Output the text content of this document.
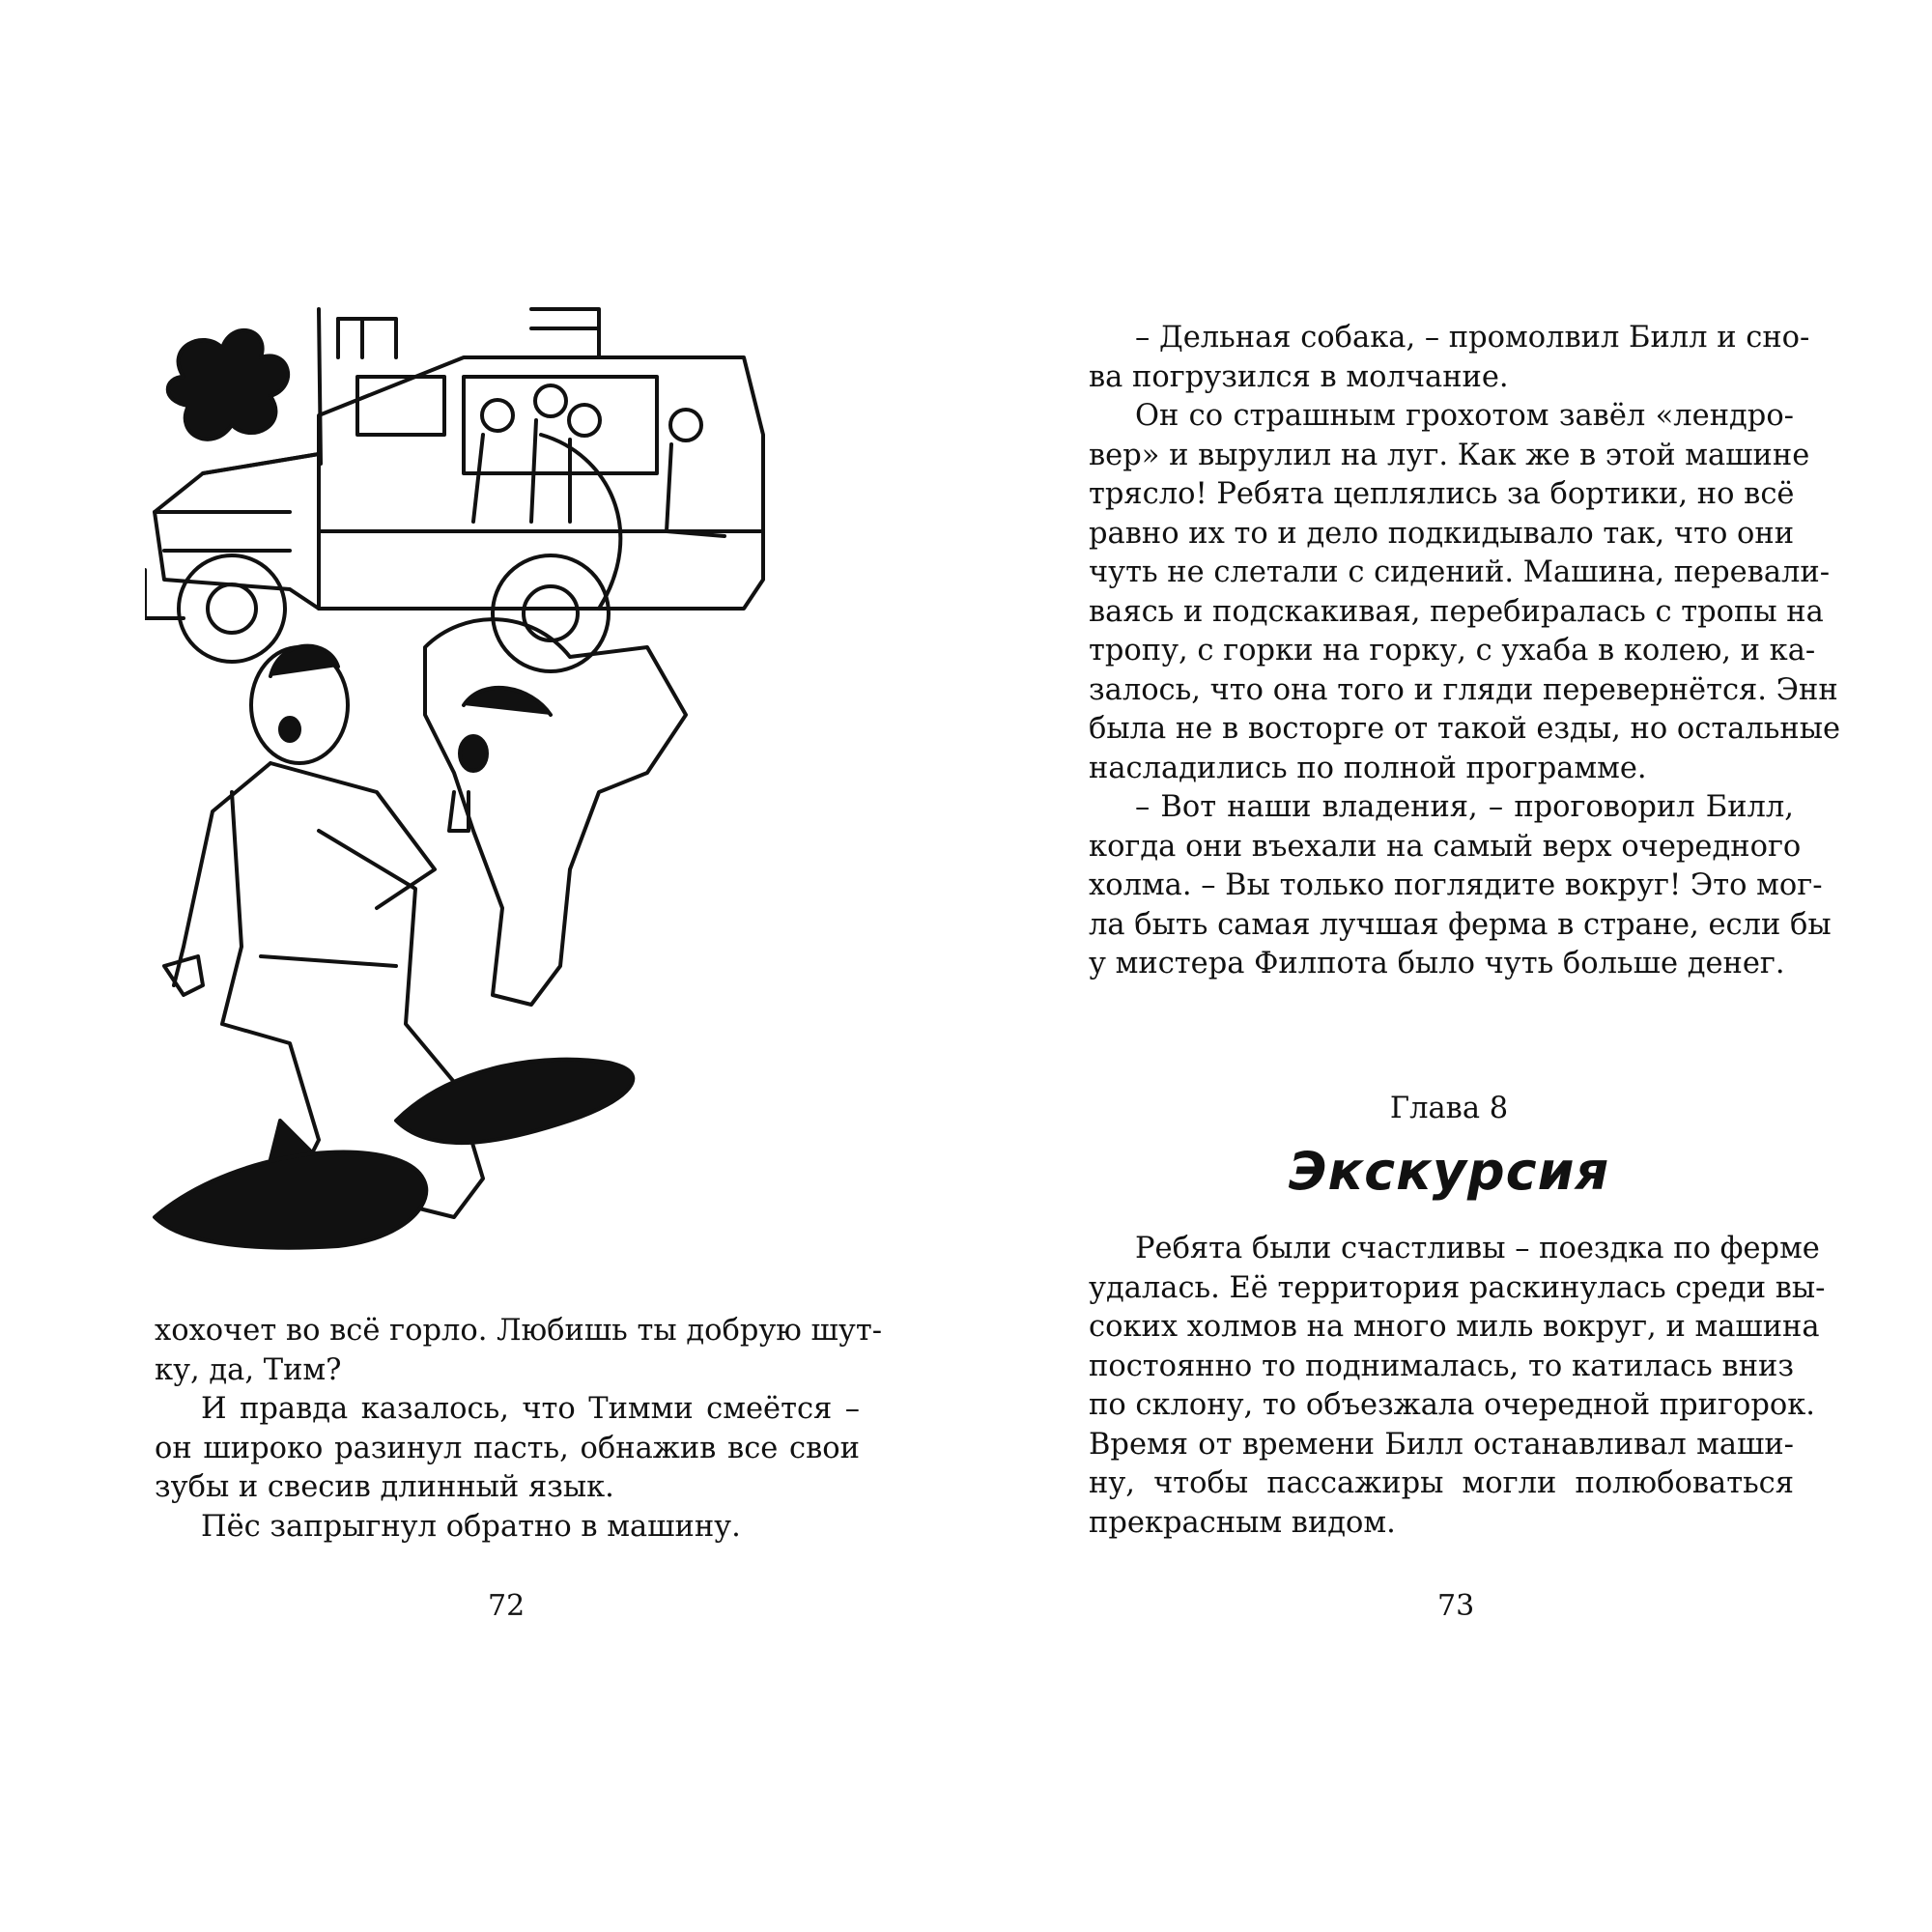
хохочет во всё горло. Любишь ты добрую шут-
ку, да, Тим?

И правда казалось, что Тимми смеётся –
он широко разинул пасть, обнажив все свои
зубы и свесив длинный язык.

Пёс запрыгнул обратно в машину.

72

– Дельная собака, – промолвил Билл и сно-
ва погрузился в молчание.

Он со страшным грохотом завёл «лендро-
вер» и вырулил на луг. Как же в этой машине
трясло! Ребята цеплялись за бортики, но всё
равно их то и дело подкидывало так, что они
чуть не слетали с сидений. Машина, перевали-
ваясь и подскакивая, перебиралась с тропы на
тропу, с горки на горку, с ухаба в колею, и ка-
залось, что она того и гляди перевернётся. Энн
была не в восторге от такой езды, но остальные
насладились по полной программе.

– Вот наши владения, – проговорил Билл,
когда они въехали на самый верх очередного
холма. – Вы только поглядите вокруг! Это мог-
ла быть самая лучшая ферма в стране, если бы
у мистера Филпота было чуть больше денег.

Глава 8
Экскурсия

Ребята были счастливы – поездка по ферме
удалась. Её территория раскинулась среди вы-
соких холмов на много миль вокруг, и машина
постоянно то поднималась, то катилась вниз
по склону, то объезжала очередной пригорок.
Время от времени Билл останавливал маши-
ну, чтобы пассажиры могли полюбоваться
прекрасным видом.

73
